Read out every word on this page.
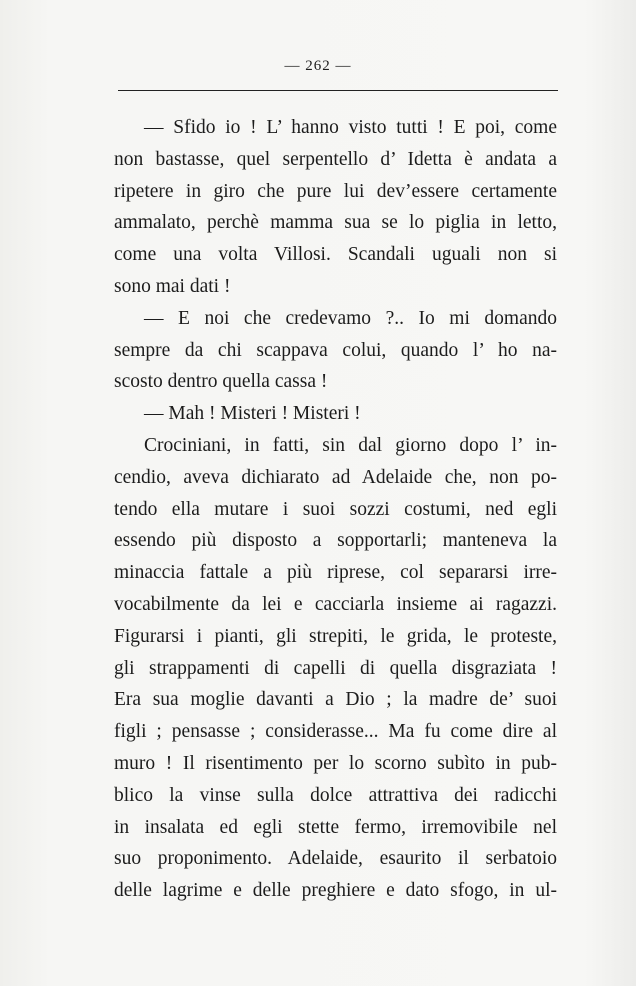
— 262 —
— Sfido io ! L’ hanno visto tutti ! E poi, come
non bastasse, quel serpentello d’ Idetta è andata a
ripetere in giro che pure lui dev’essere certamente
ammalato, perchè mamma sua se lo piglia in letto,
come una volta Villosi. Scandali uguali non si
sono mai dati !
— E noi che credevamo ?.. Io mi domando
sempre da chi scappava colui, quando l’ ho na-
scosto dentro quella cassa !
— Mah ! Misteri ! Misteri !
Crociniani, in fatti, sin dal giorno dopo l’ in-
cendio, aveva dichiarato ad Adelaide che, non po-
tendo ella mutare i suoi sozzi costumi, ned egli
essendo più disposto a sopportarli; manteneva la
minaccia fattale a più riprese, col separarsi irre-
vocabilmente da lei e cacciarla insieme ai ragazzi.
Figurarsi i pianti, gli strepiti, le grida, le proteste,
gli strappamenti di capelli di quella disgraziata !
Era sua moglie davanti a Dio ; la madre de’ suoi
figli ; pensasse ; considerasse... Ma fu come dire al
muro ! Il risentimento per lo scorno subìto in pub-
blico la vinse sulla dolce attrattiva dei radicchi
in insalata ed egli stette fermo, irremovibile nel
suo proponimento. Adelaide, esaurito il serbatoio
delle lagrime e delle preghiere e dato sfogo, in ul-
